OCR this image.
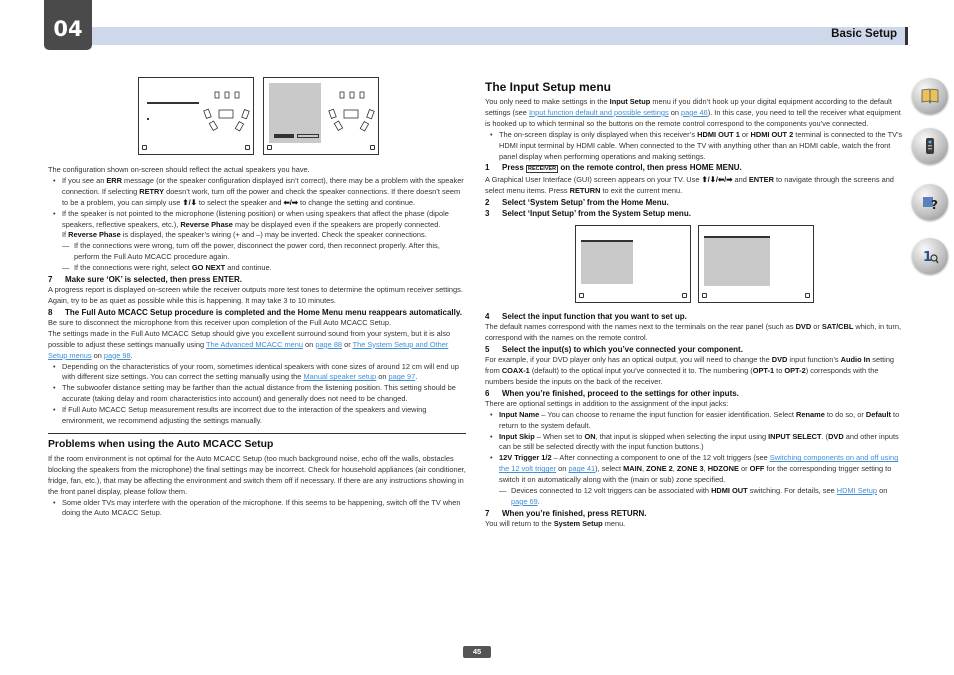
04	Basic Setup
?
1

The configuration shown on-screen should reflect the actual speakers you have.

• If you see an ERR message (or the speaker configuration displayed isn’t correct), there may be a problem with the speaker connection. If selecting RETRY doesn’t work, turn off the power and check the speaker connections. If there doesn’t seem to be a problem, you can simply use ⬆/⬇ to select the speaker and ⬅/➡ to change the setting and continue.

• If the speaker is not pointed to the microphone (listening position) or when using speakers that affect the phase (dipole speakers, reflective speakers, etc.), Reverse Phase may be displayed even if the speakers are properly connected.

If Reverse Phase is displayed, the speaker’s wiring (+ and –) may be inverted. Check the speaker connections.

— If the connections were wrong, turn off the power, disconnect the power cord, then reconnect properly. After this, perform the Full Auto MCACC procedure again.

— If the connections were right, select GO NEXT and continue.

7 Make sure ‘OK’ is selected, then press ENTER.

A progress report is displayed on-screen while the receiver outputs more test tones to determine the optimum receiver settings.

Again, try to be as quiet as possible while this is happening. It may take 3 to 10 minutes.

8 The Full Auto MCACC Setup procedure is completed and the Home Menu menu reappears automatically.

Be sure to disconnect the microphone from this receiver upon completion of the Full Auto MCACC Setup.

The settings made in the Full Auto MCACC Setup should give you excellent surround sound from your system, but it is also possible to adjust these settings manually using The Advanced MCACC menu on page 88 or The System Setup and Other Setup menus on page 98.

• Depending on the characteristics of your room, sometimes identical speakers with cone sizes of around 12 cm will end up with different size settings. You can correct the setting manually using the Manual speaker setup on page 97.

• The subwoofer distance setting may be farther than the actual distance from the listening position. This setting should be accurate (taking delay and room characteristics into account) and generally does not need to be changed.

• If Full Auto MCACC Setup measurement results are incorrect due to the interaction of the speakers and viewing environment, we recommend adjusting the settings manually.

Problems when using the Auto MCACC Setup

If the room environment is not optimal for the Auto MCACC Setup (too much background noise, echo off the walls, obstacles blocking the speakers from the microphone) the final settings may be incorrect. Check for household appliances (air conditioner, fridge, fan, etc.), that may be affecting the environment and switch them off if necessary. If there are any instructions showing in the front panel display, please follow them.

• Some older TVs may interfere with the operation of the microphone. If this seems to be happening, switch off the TV when doing the Auto MCACC Setup.

The Input Setup menu

You only need to make settings in the Input Setup menu if you didn’t hook up your digital equipment according to the default settings (see Input function default and possible settings on page 46). In this case, you need to tell the receiver what equipment is hooked up to which terminal so the buttons on the remote control correspond to the components you’ve connected.

• The on-screen display is only displayed when this receiver’s HDMI OUT 1 or HDMI OUT 2 terminal is connected to the TV’s HDMI input terminal by HDMI cable. When connected to the TV with anything other than an HDMI cable, watch the front panel display when performing operations and making settings.

1 Press RECEIVER on the remote control, then press HOME MENU.

A Graphical User Interface (GUI) screen appears on your TV. Use ⬆/⬇/⬅/➡ and ENTER to navigate through the screens and select menu items. Press RETURN to exit the current menu.

2 Select ‘System Setup’ from the Home Menu.

3 Select ‘Input Setup’ from the System Setup menu.

4 Select the input function that you want to set up.

The default names correspond with the names next to the terminals on the rear panel (such as DVD or SAT/CBL which, in turn, correspond with the names on the remote control.

5 Select the input(s) to which you’ve connected your component.

For example, if your DVD player only has an optical output, you will need to change the DVD input function’s Audio In setting from COAX-1 (default) to the optical input you’ve connected it to. The numbering (OPT-1 to OPT-2) corresponds with the numbers beside the inputs on the back of the receiver.

6 When you’re finished, proceed to the settings for other inputs.

There are optional settings in addition to the assignment of the input jacks:

• Input Name – You can choose to rename the input function for easier identification. Select Rename to do so, or Default to return to the system default.

• Input Skip – When set to ON, that input is skipped when selecting the input using INPUT SELECT. (DVD and other inputs can be still be selected directly with the input function buttons.)

• 12V Trigger 1/2 – After connecting a component to one of the 12 volt triggers (see Switching components on and off using the 12 volt trigger on page 41), select MAIN, ZONE 2, ZONE 3, HDZONE or OFF for the corresponding trigger setting to switch it on automatically along with the (main or sub) zone specified.

— Devices connected to 12 volt triggers can be associated with HDMI OUT switching. For details, see HDMI Setup on page 69.

7 When you’re finished, press RETURN.

You will return to the System Setup menu.

45
